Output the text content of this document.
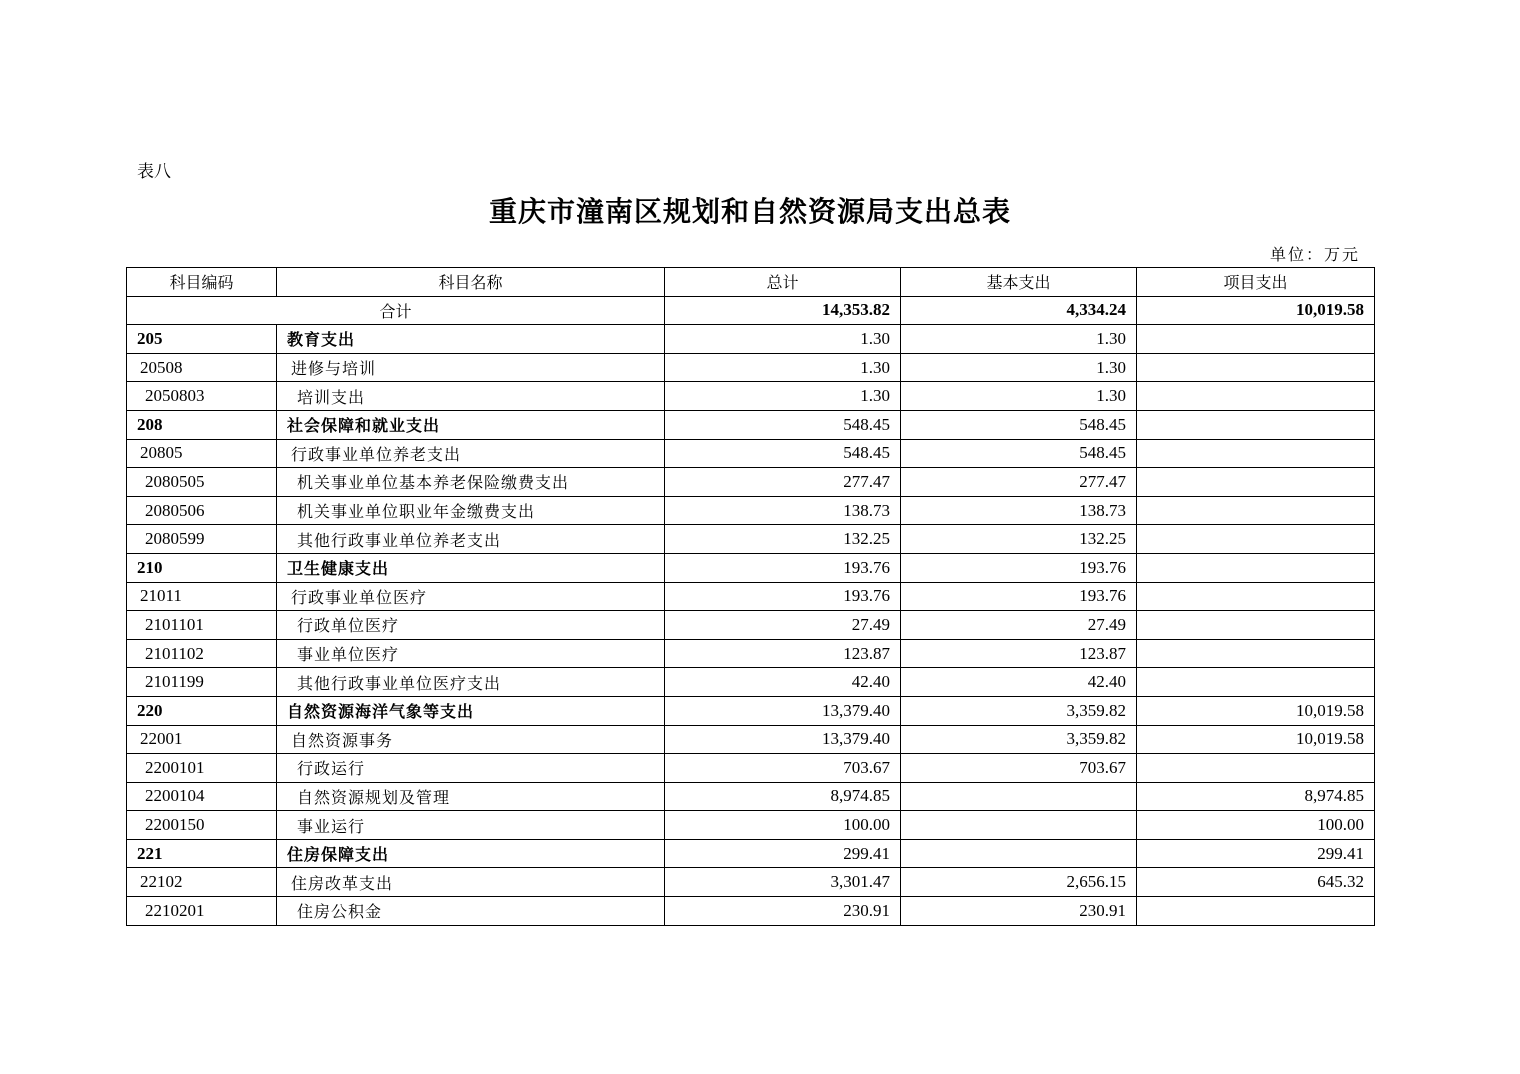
表八
重庆市潼南区规划和自然资源局支出总表
单位：万元
科目编码	科目名称	总计	基本支出	项目支出
合计		14,353.82	4,334.24	10,019.58
205	教育支出	1.30	1.30	
20508	进修与培训	1.30	1.30	
2050803	培训支出	1.30	1.30	
208	社会保障和就业支出	548.45	548.45	
20805	行政事业单位养老支出	548.45	548.45	
2080505	机关事业单位基本养老保险缴费支出	277.47	277.47	
2080506	机关事业单位职业年金缴费支出	138.73	138.73	
2080599	其他行政事业单位养老支出	132.25	132.25	
210	卫生健康支出	193.76	193.76	
21011	行政事业单位医疗	193.76	193.76	
2101101	行政单位医疗	27.49	27.49	
2101102	事业单位医疗	123.87	123.87	
2101199	其他行政事业单位医疗支出	42.40	42.40	
220	自然资源海洋气象等支出	13,379.40	3,359.82	10,019.58
22001	自然资源事务	13,379.40	3,359.82	10,019.58
2200101	行政运行	703.67	703.67	
2200104	自然资源规划及管理	8,974.85		8,974.85
2200150	事业运行	100.00		100.00
221	住房保障支出	299.41		299.41
22102	住房改革支出	3,301.47	2,656.15	645.32
2210201	住房公积金	230.91	230.91	
